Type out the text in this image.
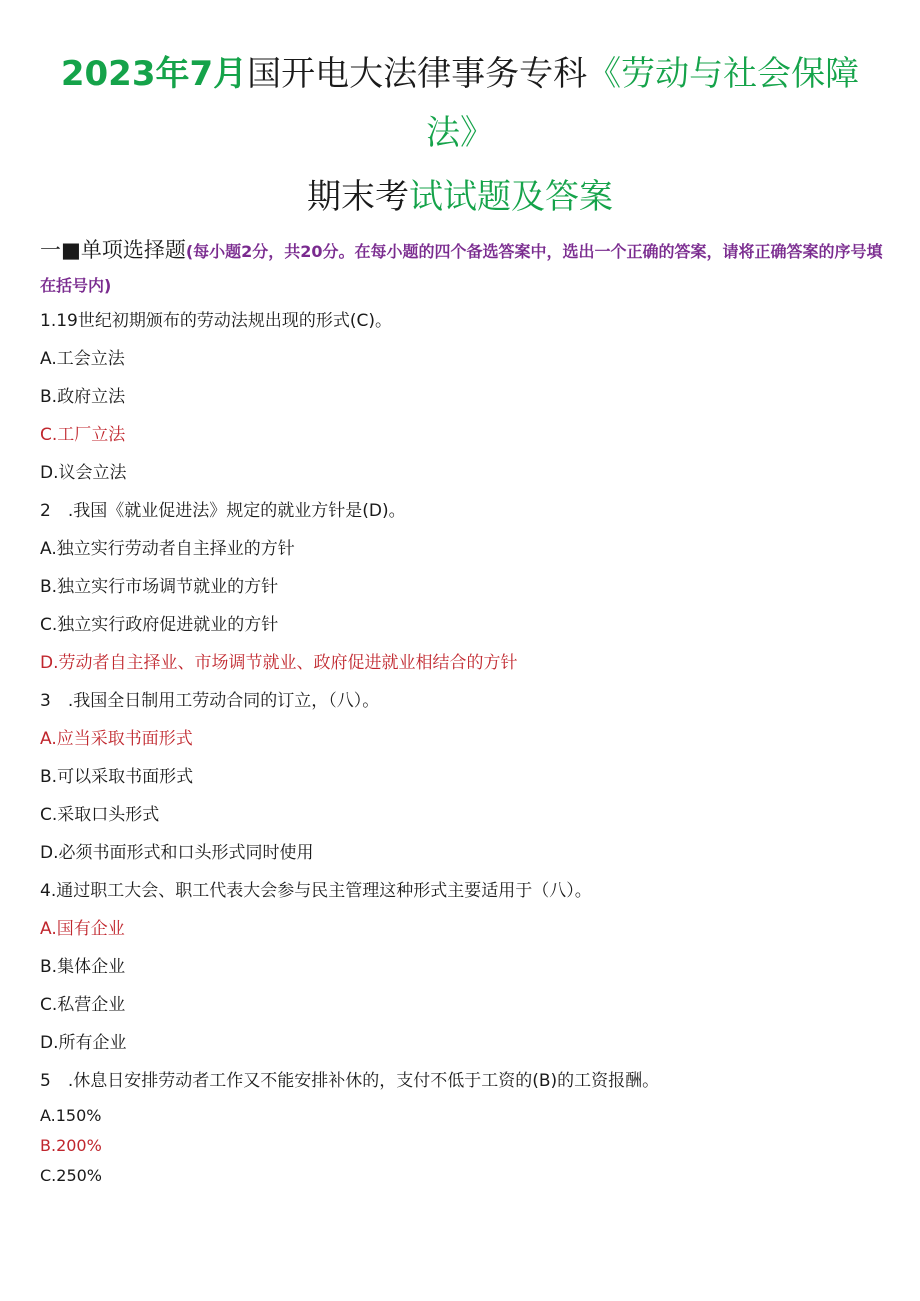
2023年7月国开电大法律事务专科《劳动与社会保障
法》
期末考试试题及答案
一■单项选择题(每小题2分，共20分。在每小题的四个备选答案中，选出一个正确的答案，请将正确答案的序号填在括号内)
1.19世纪初期颁布的劳动法规出现的形式(C)。
A.工会立法
B.政府立法
C.工厂立法
D.议会立法
2　.我国《就业促进法》规定的就业方针是(D)。
A.独立实行劳动者自主择业的方针
B.独立实行市场调节就业的方针
C.独立实行政府促进就业的方针
D.劳动者自主择业、市场调节就业、政府促进就业相结合的方针
3　.我国全日制用工劳动合同的订立，（八）。
A.应当采取书面形式
B.可以采取书面形式
C.采取口头形式
D.必须书面形式和口头形式同时使用
4.通过职工大会、职工代表大会参与民主管理这种形式主要适用于（八）。
A.国有企业
B.集体企业
C.私营企业
D.所有企业
5　.休息日安排劳动者工作又不能安排补休的，支付不低于工资的(B)的工资报酬。
A.150%
B.200%
C.250%
